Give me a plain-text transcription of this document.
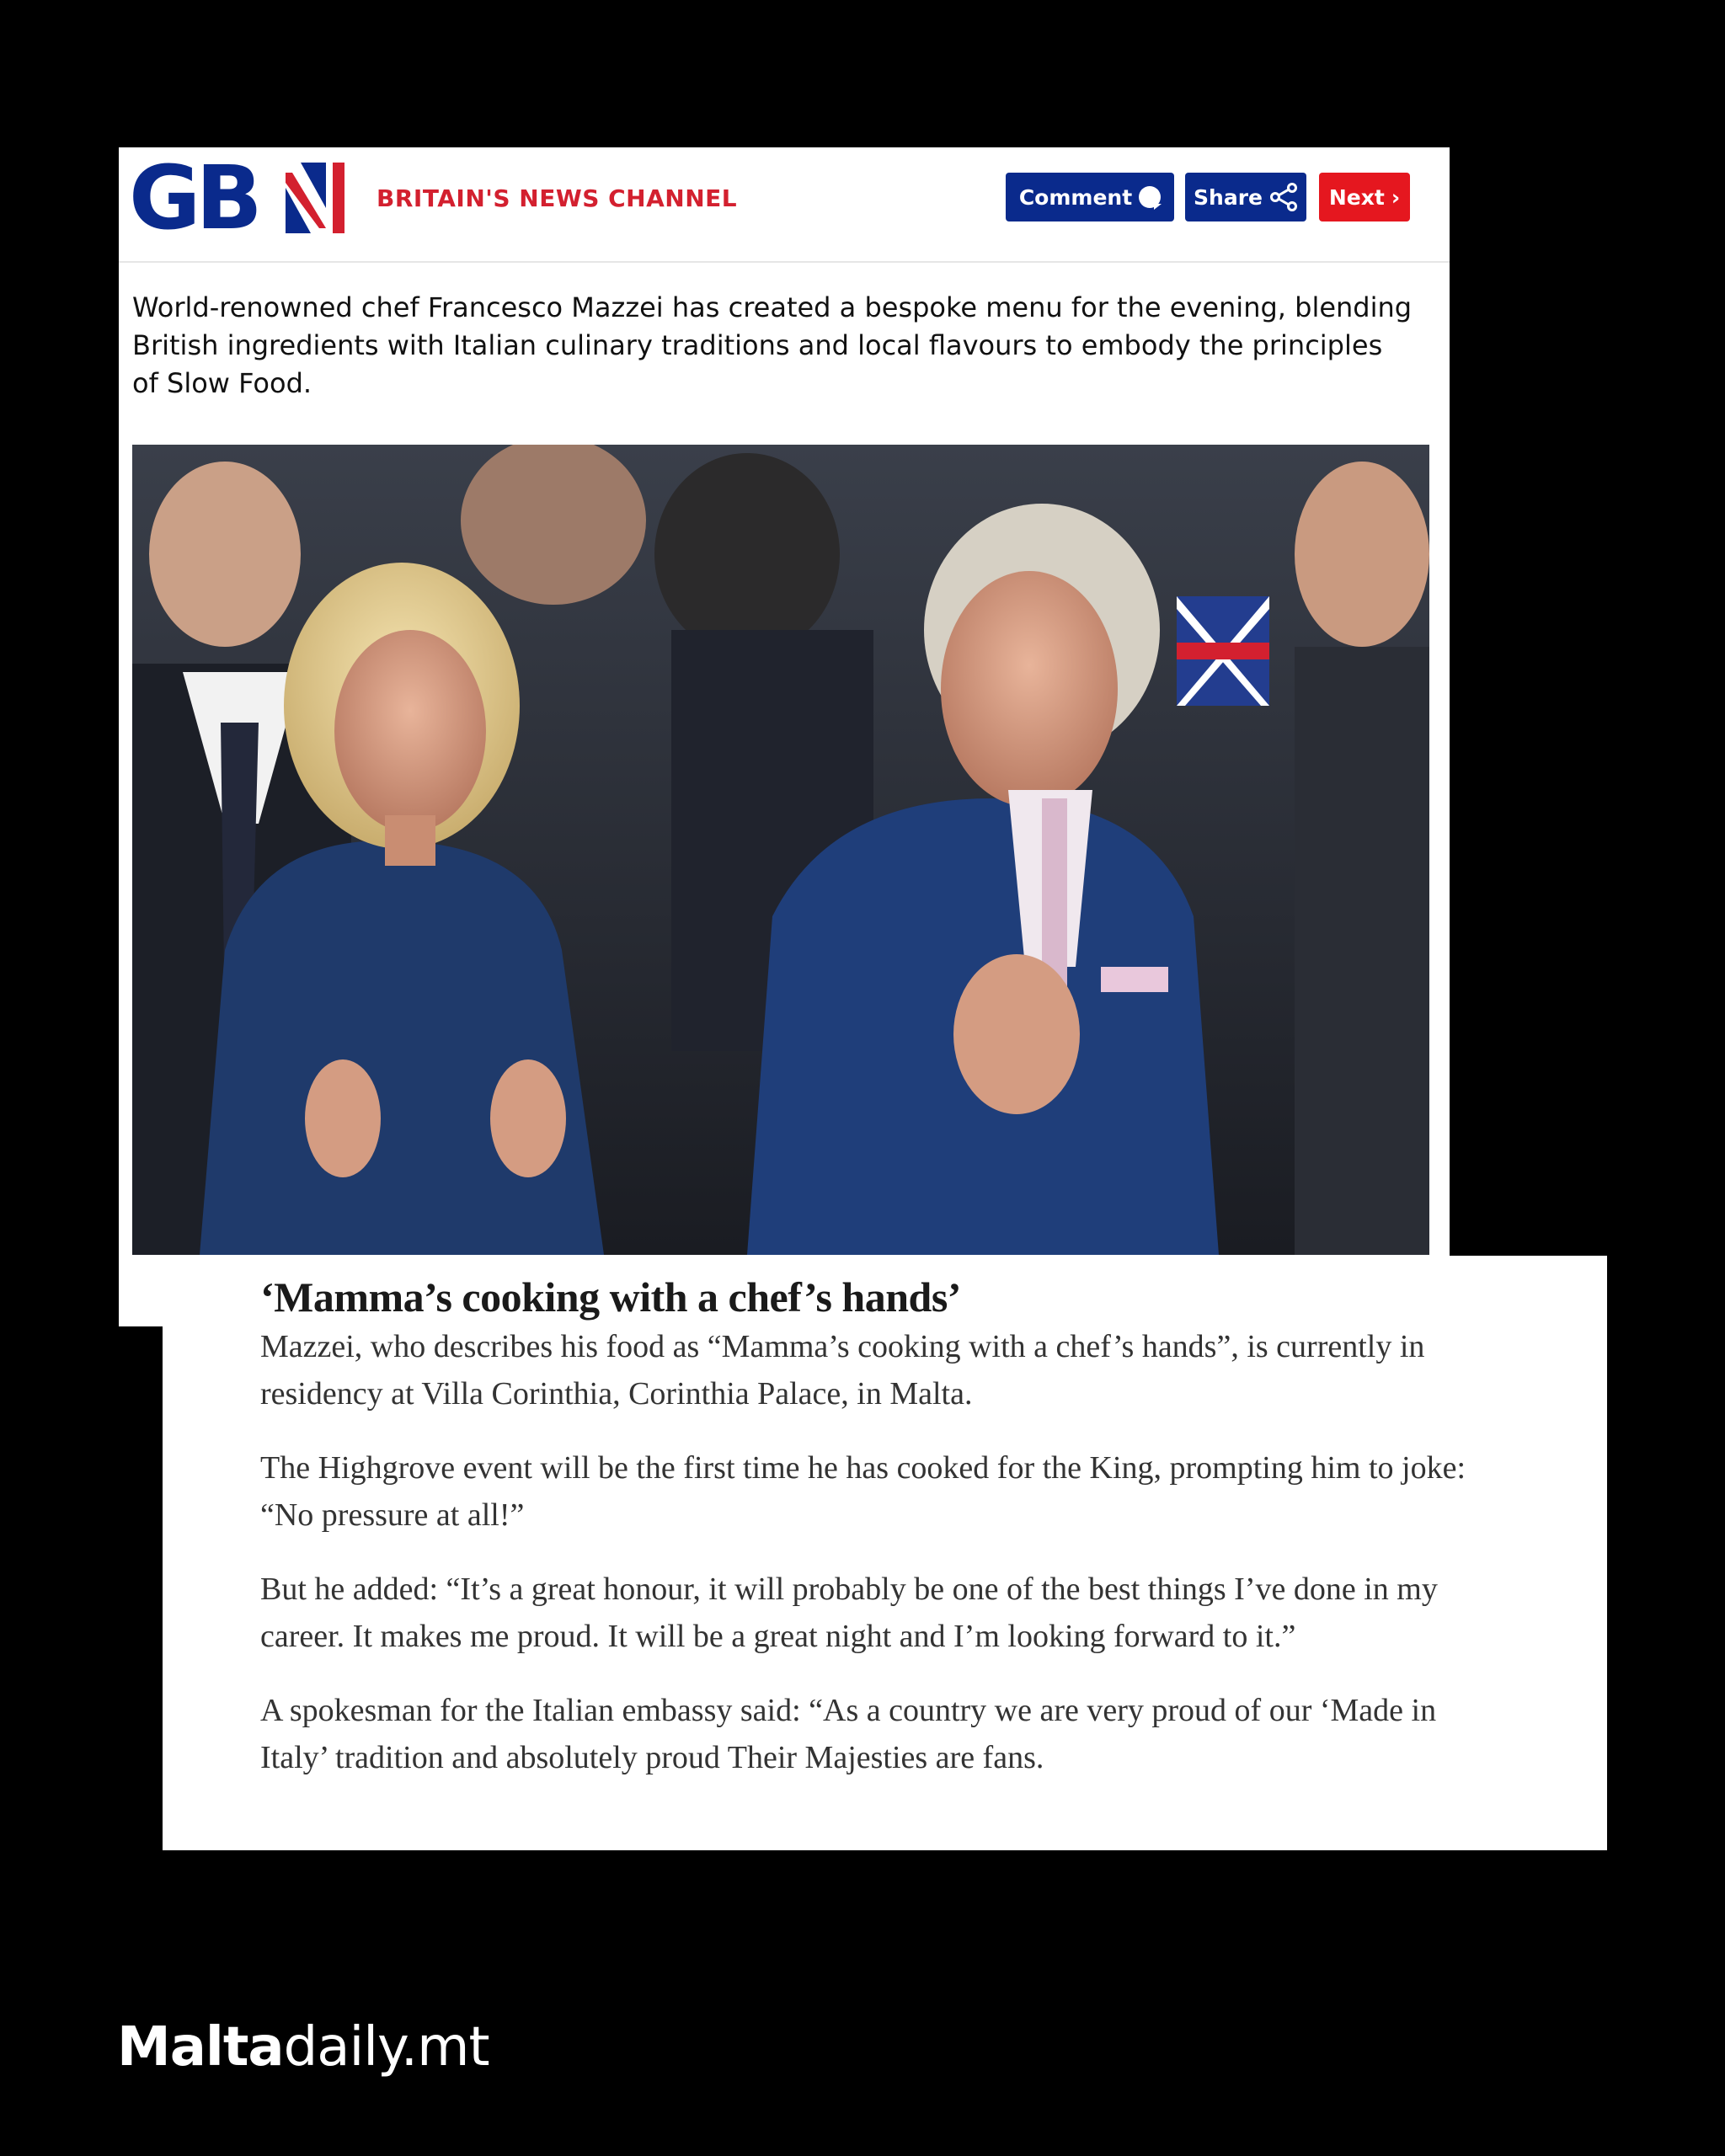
GB	BRITAIN'S NEWS CHANNEL	Comment	Share	Next ›
World-renowned chef Francesco Mazzei has created a bespoke menu for the evening, blending British ingredients with Italian culinary traditions and local flavours to embody the principles of Slow Food.
‘Mamma’s cooking with a chef’s hands’

Mazzei, who describes his food as “Mamma’s cooking with a chef’s hands”, is currently in residency at Villa Corinthia, Corinthia Palace, in Malta.

The Highgrove event will be the first time he has cooked for the King, prompting him to joke: “No pressure at all!”

But he added: “It’s a great honour, it will probably be one of the best things I’ve done in my career. It makes me proud. It will be a great night and I’m looking forward to it.”

A spokesman for the Italian embassy said: “As a country we are very proud of our ‘Made in Italy’ tradition and absolutely proud Their Majesties are fans.

Maltadaily.mt
